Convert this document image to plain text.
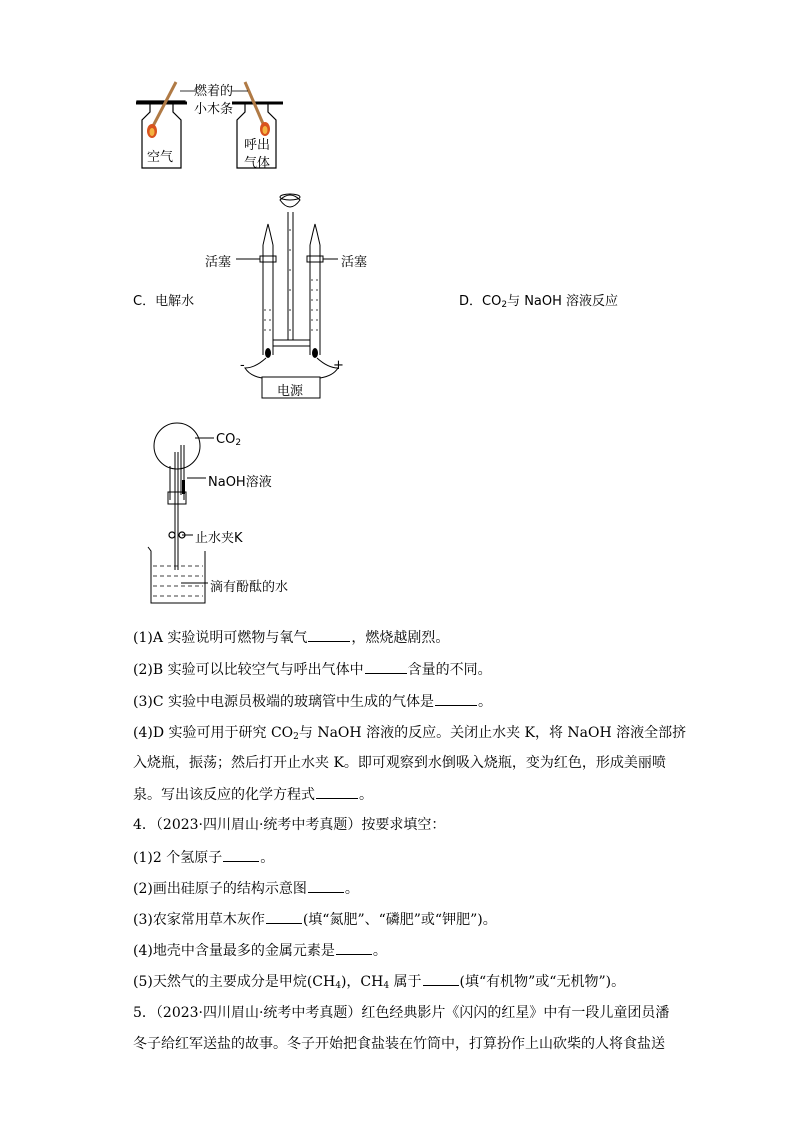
燃着的
小木条
空气
呼出
气体
活塞	活塞
-	+
电源
C．电解水	D．$CO_2$与 NaOH 溶液反应
$CO_2$
NaOH溶液
止水夹K
滴有酚酞的水
(1)A 实验说明可燃物与氧气	，燃烧越剧烈。
(2)B 实验可以比较空气与呼出气体中	含量的不同。
(3)C 实验中电源员极端的玻璃管中生成的气体是	。
(4)D 实验可用于研究 $CO_2$与 NaOH 溶液的反应。关闭止水夹 K，将 NaOH 溶液全部挤
入烧瓶，振荡；然后打开止水夹 K。即可观察到水倒吸入烧瓶，变为红色，形成美丽喷
泉。写出该反应的化学方程式	。
4．（2023·四川眉山·统考中考真题）按要求填空：
(1)2 个氢原子	。
(2)画出硅原子的结构示意图	。
(3)农家常用草木灰作	(填“氮肥”、“磷肥”或“钾肥”)。
(4)地壳中含量最多的金属元素是	。
(5)天然气的主要成分是甲烷$(CH_4)$，$CH_4$ 属于	(填“有机物”或“无机物”)。
5．（2023·四川眉山·统考中考真题）红色经典影片《闪闪的红星》中有一段儿童团员潘
冬子给红军送盐的故事。冬子开始把食盐装在竹筒中，打算扮作上山砍柴的人将食盐送
